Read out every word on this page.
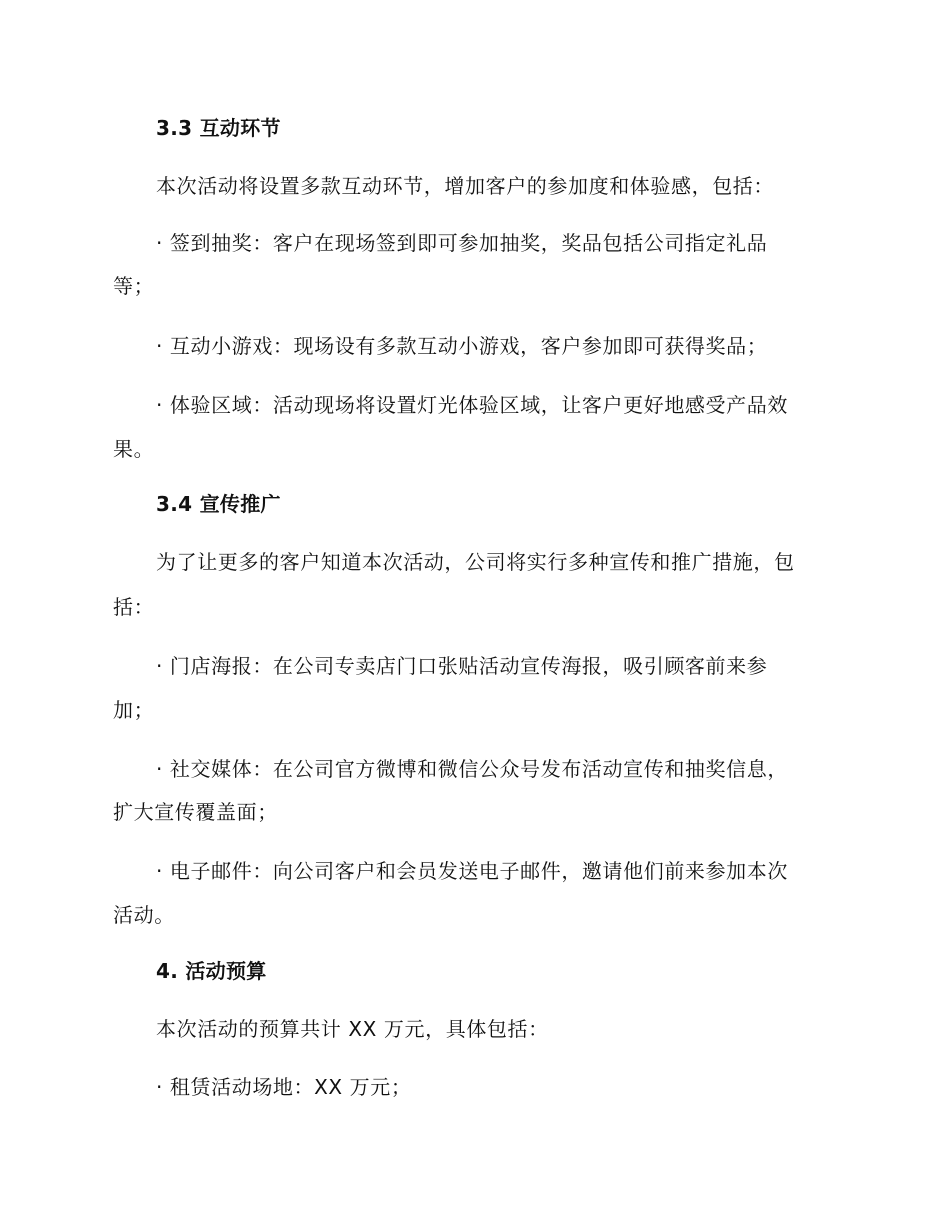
3.3 互动环节
本次活动将设置多款互动环节，增加客户的参加度和体验感，包括：
· 签到抽奖：客户在现场签到即可参加抽奖，奖品包括公司指定礼品
等；
· 互动小游戏：现场设有多款互动小游戏，客户参加即可获得奖品；
· 体验区域：活动现场将设置灯光体验区域，让客户更好地感受产品效
果。
3.4 宣传推广
为了让更多的客户知道本次活动，公司将实行多种宣传和推广措施，包
括：
· 门店海报：在公司专卖店门口张贴活动宣传海报，吸引顾客前来参
加；
· 社交媒体：在公司官方微博和微信公众号发布活动宣传和抽奖信息，
扩大宣传覆盖面；
· 电子邮件：向公司客户和会员发送电子邮件，邀请他们前来参加本次
活动。
4. 活动预算
本次活动的预算共计 XX 万元，具体包括：
· 租赁活动场地：XX 万元；
